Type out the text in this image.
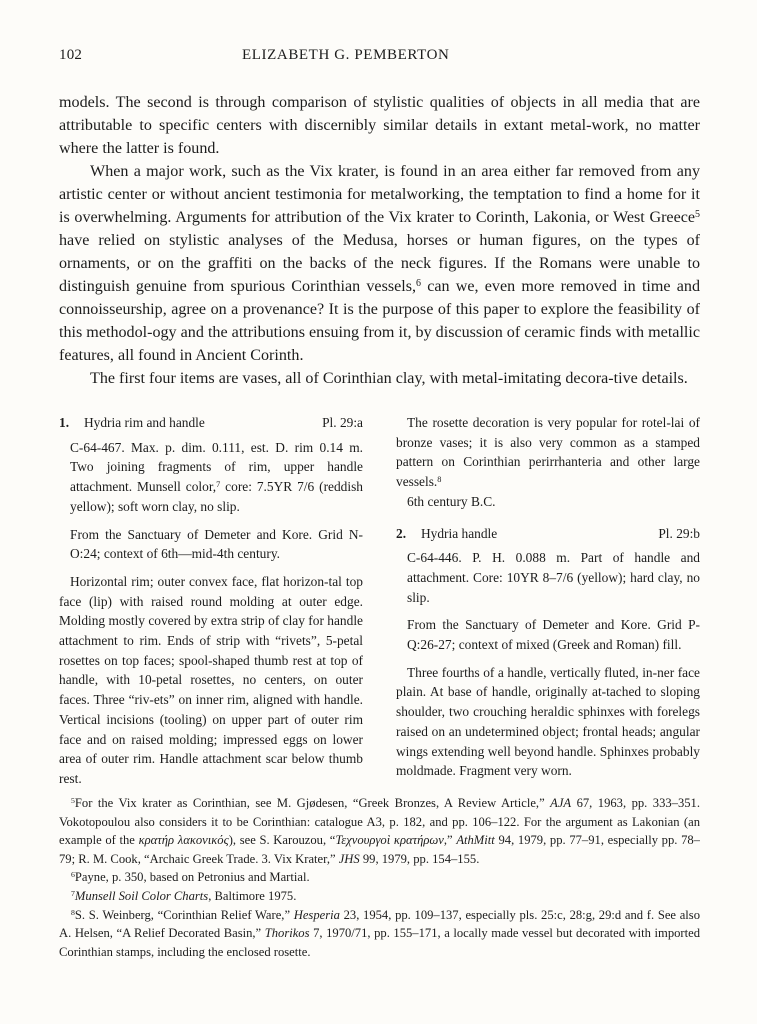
102	ELIZABETH G. PEMBERTON

models. The second is through comparison of stylistic qualities of objects in all media that are attributable to specific centers with discernibly similar details in extant metal-work, no matter where the latter is found.

When a major work, such as the Vix krater, is found in an area either far removed from any artistic center or without ancient testimonia for metalworking, the temptation to find a home for it is overwhelming. Arguments for attribution of the Vix krater to Corinth, Lakonia, or West Greece$^5$ have relied on stylistic analyses of the Medusa, horses or human figures, on the types of ornaments, or on the graffiti on the backs of the neck figures. If the Romans were unable to distinguish genuine from spurious Corinthian vessels,$^6$ can we, even more removed in time and connoisseurship, agree on a provenance? It is the purpose of this paper to explore the feasibility of this methodol-ogy and the attributions ensuing from it, by discussion of ceramic finds with metallic features, all found in Ancient Corinth.

The first four items are vases, all of Corinthian clay, with metal-imitating decora-tive details.

1. Hydria rim and handle	Pl. 29:a

C-64-467. Max. p. dim. 0.111, est. D. rim 0.14 m. Two joining fragments of rim, upper handle attachment. Munsell color,$^7$ core: 7.5YR 7/6 (reddish yellow); soft worn clay, no slip.

From the Sanctuary of Demeter and Kore. Grid N-O:24; context of 6th—mid-4th century.

Horizontal rim; outer convex face, flat horizon-tal top face (lip) with raised round molding at outer edge. Molding mostly covered by extra strip of clay for handle attachment to rim. Ends of strip with “rivets”, 5-petal rosettes on top faces; spool-shaped thumb rest at top of handle, with 10-petal rosettes, no centers, on outer faces. Three “riv-ets” on inner rim, aligned with handle. Vertical incisions (tooling) on upper part of outer rim face and on raised molding; impressed eggs on lower area of outer rim. Handle attachment scar below thumb rest.

The rosette decoration is very popular for rotel-lai of bronze vases; it is also very common as a stamped pattern on Corinthian perirrhanteria and other large vessels.$^8$

6th century B.C.

2. Hydria handle	Pl. 29:b

C-64-446. P. H. 0.088 m. Part of handle and attachment. Core: 10YR 8–7/6 (yellow); hard clay, no slip.

From the Sanctuary of Demeter and Kore. Grid P-Q:26-27; context of mixed (Greek and Roman) fill.

Three fourths of a handle, vertically fluted, in-ner face plain. At base of handle, originally at-tached to sloping shoulder, two crouching heraldic sphinxes with forelegs raised on an undetermined object; frontal heads; angular wings extending well beyond handle. Sphinxes probably moldmade. Fragment very worn.

$^5$For the Vix krater as Corinthian, see M. Gjødesen, “Greek Bronzes, A Review Article,” AJA 67, 1963, pp. 333–351. Vokotopoulou also considers it to be Corinthian: catalogue A3, p. 182, and pp. 106–122. For the argument as Lakonian (an example of the κρατήρ λακονικός), see S. Karouzou, “Τεχνουργοὶ κρατήρων,” AthMitt 94, 1979, pp. 77–91, especially pp. 78–79; R. M. Cook, “Archaic Greek Trade. 3. Vix Krater,” JHS 99, 1979, pp. 154–155.

$^6$Payne, p. 350, based on Petronius and Martial.

$^7$Munsell Soil Color Charts, Baltimore 1975.

$^8$S. S. Weinberg, “Corinthian Relief Ware,” Hesperia 23, 1954, pp. 109–137, especially pls. 25:c, 28:g, 29:d and f. See also A. Helsen, “A Relief Decorated Basin,” Thorikos 7, 1970/71, pp. 155–171, a locally made vessel but decorated with imported Corinthian stamps, including the enclosed rosette.
